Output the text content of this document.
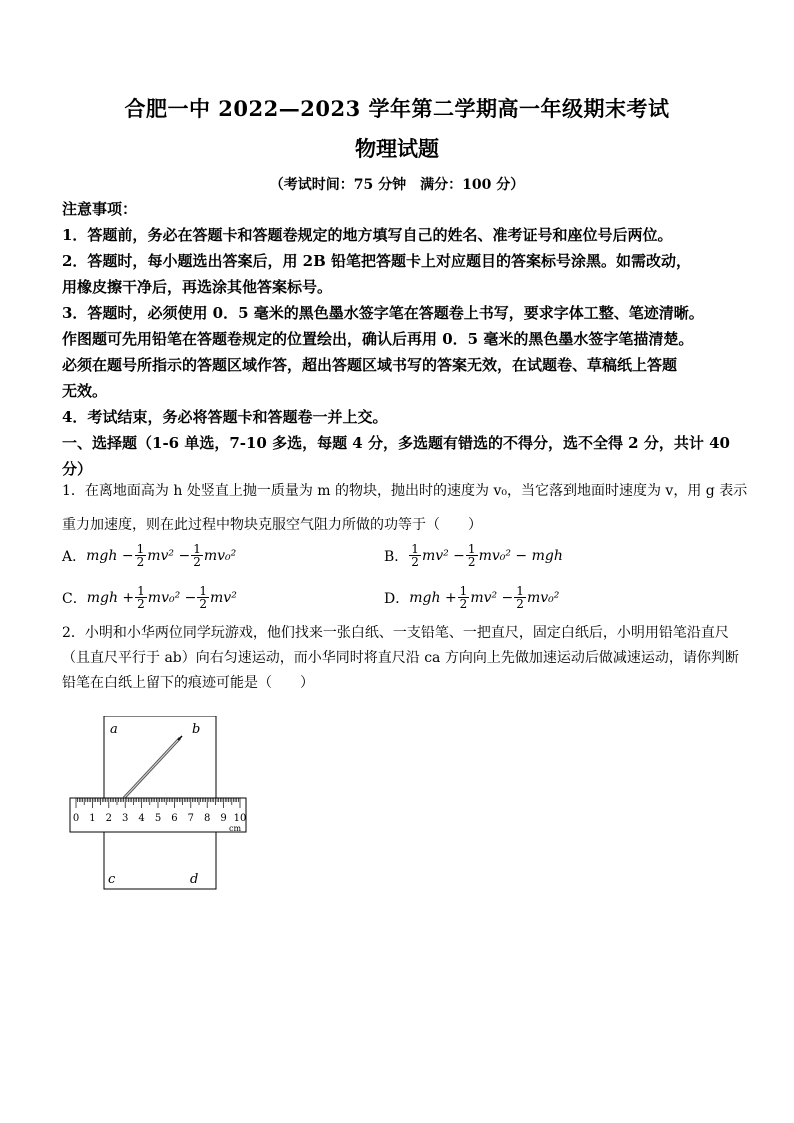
合肥一中 2022—2023 学年第二学期高一年级期末考试
物理试题
（考试时间：75 分钟　满分：100 分）
注意事项：
1．答题前，务必在答题卡和答题卷规定的地方填写自己的姓名、准考证号和座位号后两位。
2．答题时，每小题选出答案后，用 2B 铅笔把答题卡上对应题目的答案标号涂黑。如需改动，
用橡皮擦干净后，再选涂其他答案标号。
3．答题时，必须使用 0．5 毫米的黑色墨水签字笔在答题卷上书写，要求字体工整、笔迹清晰。
作图题可先用铅笔在答题卷规定的位置绘出，确认后再用 0．5 毫米的黑色墨水签字笔描清楚。
必须在题号所指示的答题区域作答，超出答题区域书写的答案无效，在试题卷、草稿纸上答题
无效。
4．考试结束，务必将答题卡和答题卷一并上交。
一、选择题（1-6 单选，7-10 多选，每题 4 分，多选题有错选的不得分，选不全得 2 分，共计 40
分）
1．在离地面高为 h 处竖直上抛一质量为 m 的物块，抛出时的速度为 v₀，当它落到地面时速度为 v，用 g 表示
重力加速度，则在此过程中物块克服空气阻力所做的功等于（　　）
A． mgh − $\frac{1}{2} mv^2 - \frac{1}{2} mv_0^2$	B． $\frac{1}{2} mv^2 - \frac{1}{2} mv_0^2$ − mgh
C． mgh + $\frac{1}{2} mv_0^2 - \frac{1}{2} mv^2$	D． mgh + $\frac{1}{2} mv^2 - \frac{1}{2} mv_0^2$
2．小明和小华两位同学玩游戏，他们找来一张白纸、一支铅笔、一把直尺，固定白纸后，小明用铅笔沿直尺
（且直尺平行于 ab）向右匀速运动，而小华同时将直尺沿 ca 方向向上先做加速运动后做减速运动，请你判断
铅笔在白纸上留下的痕迹可能是（　　）
0 1 2 3 4 5 6 7 8 9 10
cm
a	b
c	d
